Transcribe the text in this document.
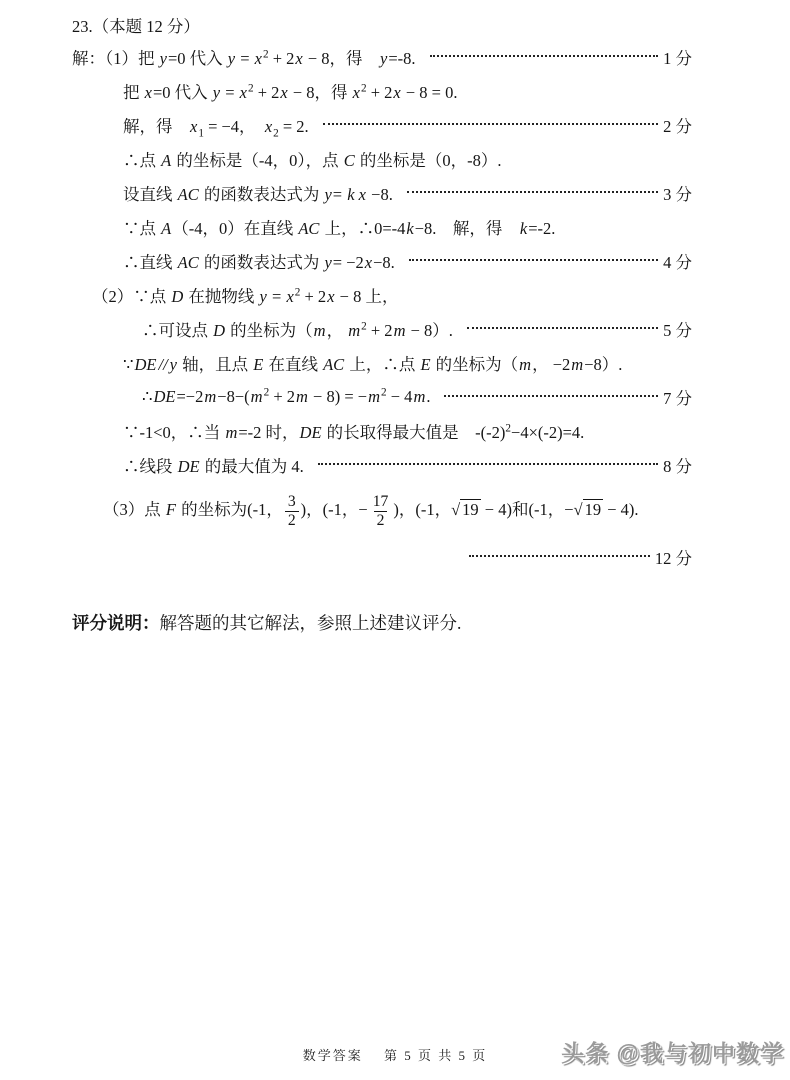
23.（本题 12 分）
解：（1）把 y=0 代入 $y = x^2 + 2x - 8$，得　y=-8.	1 分
把 x=0 代入 $y = x^2 + 2x - 8$，得 $x^2 + 2x - 8 = 0$.
解，得　$x_1 = -4$，　$x_2 = 2$.	2 分
∴点 A 的坐标是（-4，0），点 C 的坐标是（0，-8）.
设直线 AC 的函数表达式为 y= k x −8.	3 分
∵点 A（-4，0）在直线 AC 上，∴0=-4k−8.　解，得　k=-2.
∴直线 AC 的函数表达式为 y= −2x−8.	4 分
（2）∵点 D 在抛物线 $y = x^2 + 2x - 8$ 上，
∴可设点 D 的坐标为（m， $m^2 + 2m - 8$）.	5 分
∵DE // y 轴，且点 E 在直线 AC 上，∴点 E 的坐标为（m， −2m−8）.
$\therefore DE=-2m-8-(m^2 + 2m - 8) = -m^2 - 4m$.	7 分
∵-1<0，∴当 m=-2 时，DE 的长取得最大值是　$-(-2)^2-4\times(-2)=4$.
∴线段 DE 的最大值为 4.	8 分
（3）点 F 的坐标为(-1， $\frac{3}{2}$ )，(-1，− $\frac{17}{2}$ )，(-1，√ 19 − 4)和(-1，−√ 19 − 4).
12 分
评分说明：解答题的其它解法，参照上述建议评分.
数学答案 第 5 页 共 5 页	头条 @我与初中数学
